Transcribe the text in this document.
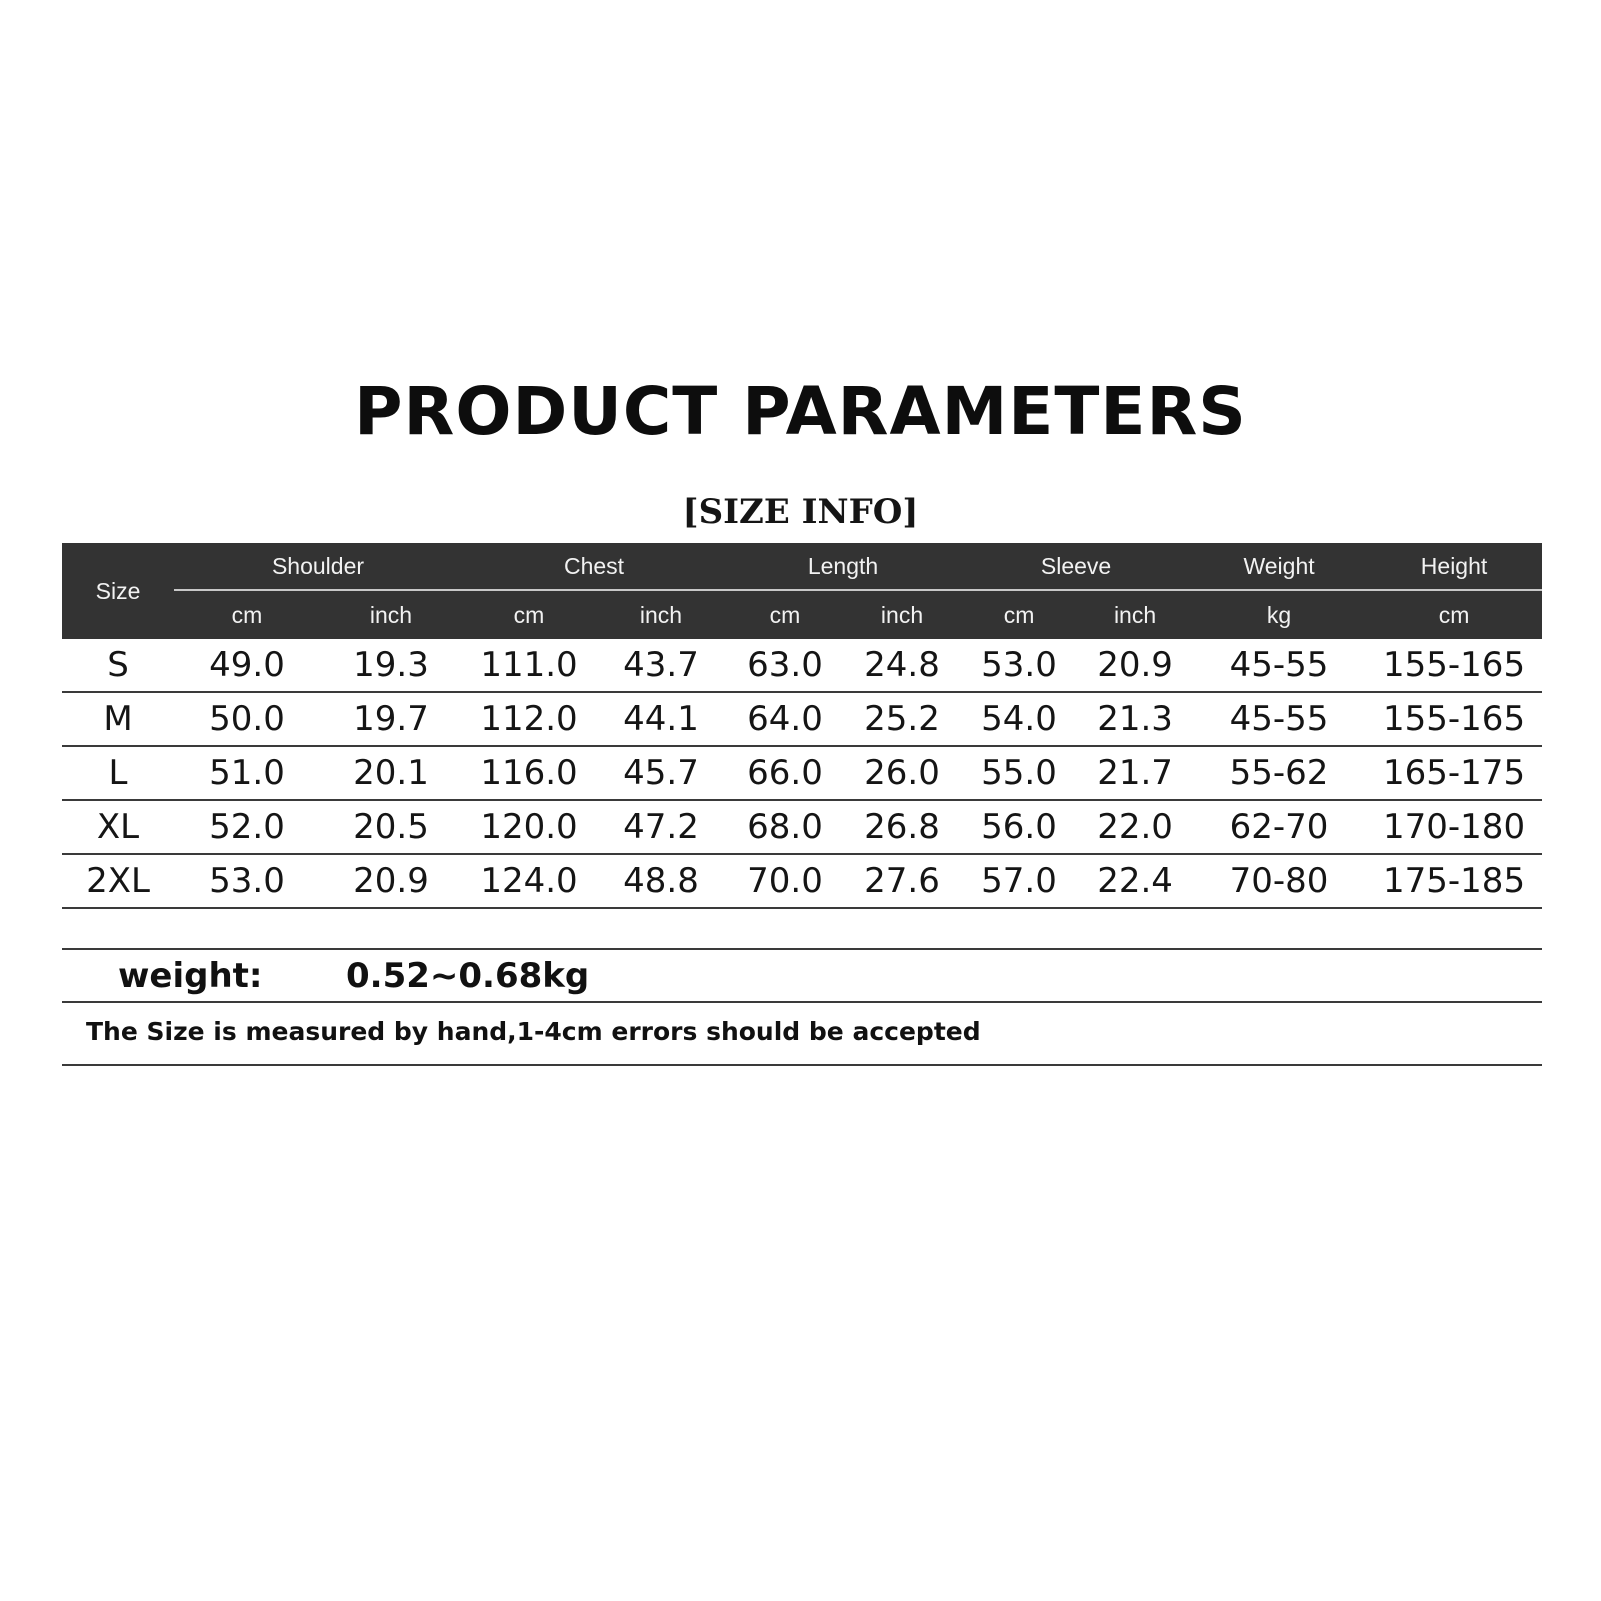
PRODUCT PARAMETERS
[SIZE INFO]
Size	Shoulder		Chest		Length		Sleeve		Weight	Height
	cm	inch	cm	inch	cm	inch	cm	inch	kg	cm
S	49.0	19.3	111.0	43.7	63.0	24.8	53.0	20.9	45-55	155-165
M	50.0	19.7	112.0	44.1	64.0	25.2	54.0	21.3	45-55	155-165
L	51.0	20.1	116.0	45.7	66.0	26.0	55.0	21.7	55-62	165-175
XL	52.0	20.5	120.0	47.2	68.0	26.8	56.0	22.0	62-70	170-180
2XL	53.0	20.9	124.0	48.8	70.0	27.6	57.0	22.4	70-80	175-185
weight: 0.52~0.68kg
The Size is measured by hand,1-4cm errors should be accepted
